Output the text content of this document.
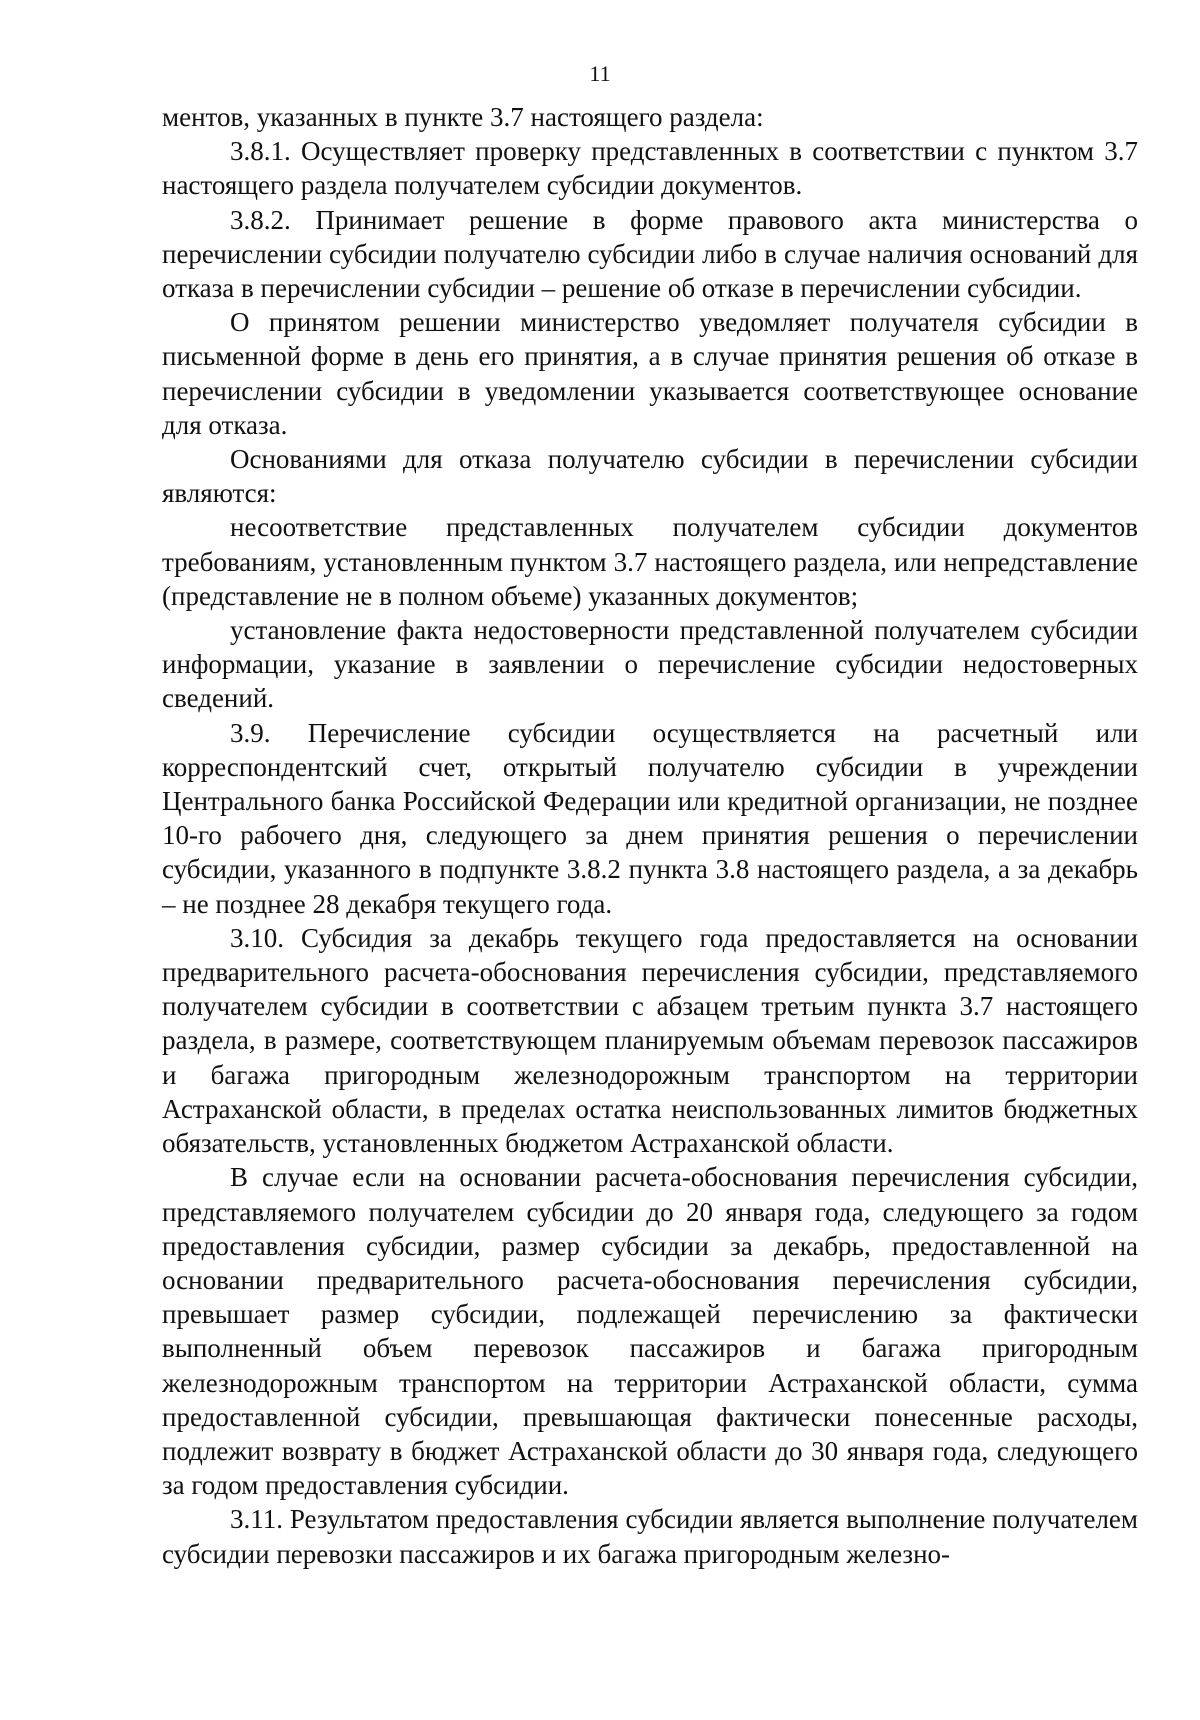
11

ментов, указанных в пункте 3.7 настоящего раздела:

3.8.1. Осуществляет проверку представленных в соответствии с пунктом 3.7 настоящего раздела получателем субсидии документов.

3.8.2. Принимает решение в форме правового акта министерства о перечислении субсидии получателю субсидии либо в случае наличия оснований для отказа в перечислении субсидии – решение об отказе в перечислении субсидии.

О принятом решении министерство уведомляет получателя субсидии в письменной форме в день его принятия, а в случае принятия решения об отказе в перечислении субсидии в уведомлении указывается соответствующее основание для отказа.

Основаниями для отказа получателю субсидии в перечислении субсидии являются:

несоответствие представленных получателем субсидии документов требованиям, установленным пунктом 3.7 настоящего раздела, или непредставление (представление не в полном объеме) указанных документов;

установление факта недостоверности представленной получателем субсидии информации, указание в заявлении о перечисление субсидии недостоверных сведений.

3.9. Перечисление субсидии осуществляется на расчетный или корреспондентский счет, открытый получателю субсидии в учреждении Центрального банка Российской Федерации или кредитной организации, не позднее 10-го рабочего дня, следующего за днем принятия решения о перечислении субсидии, указанного в подпункте 3.8.2 пункта 3.8 настоящего раздела, а за декабрь – не позднее 28 декабря текущего года.

3.10. Субсидия за декабрь текущего года предоставляется на основании предварительного расчета-обоснования перечисления субсидии, представляемого получателем субсидии в соответствии с абзацем третьим пункта 3.7 настоящего раздела, в размере, соответствующем планируемым объемам перевозок пассажиров и багажа пригородным железнодорожным транспортом на территории Астраханской области, в пределах остатка неиспользованных лимитов бюджетных обязательств, установленных бюджетом Астраханской области.

В случае если на основании расчета-обоснования перечисления субсидии, представляемого получателем субсидии до 20 января года, следующего за годом предоставления субсидии, размер субсидии за декабрь, предоставленной на основании предварительного расчета-обоснования перечисления субсидии, превышает размер субсидии, подлежащей перечислению за фактически выполненный объем перевозок пассажиров и багажа пригородным железнодорожным транспортом на территории Астраханской области, сумма предоставленной субсидии, превышающая фактически понесенные расходы, подлежит возврату в бюджет Астраханской области до 30 января года, следующего за годом предоставления субсидии.

3.11. Результатом предоставления субсидии является выполнение получателем субсидии перевозки пассажиров и их багажа пригородным железно-
